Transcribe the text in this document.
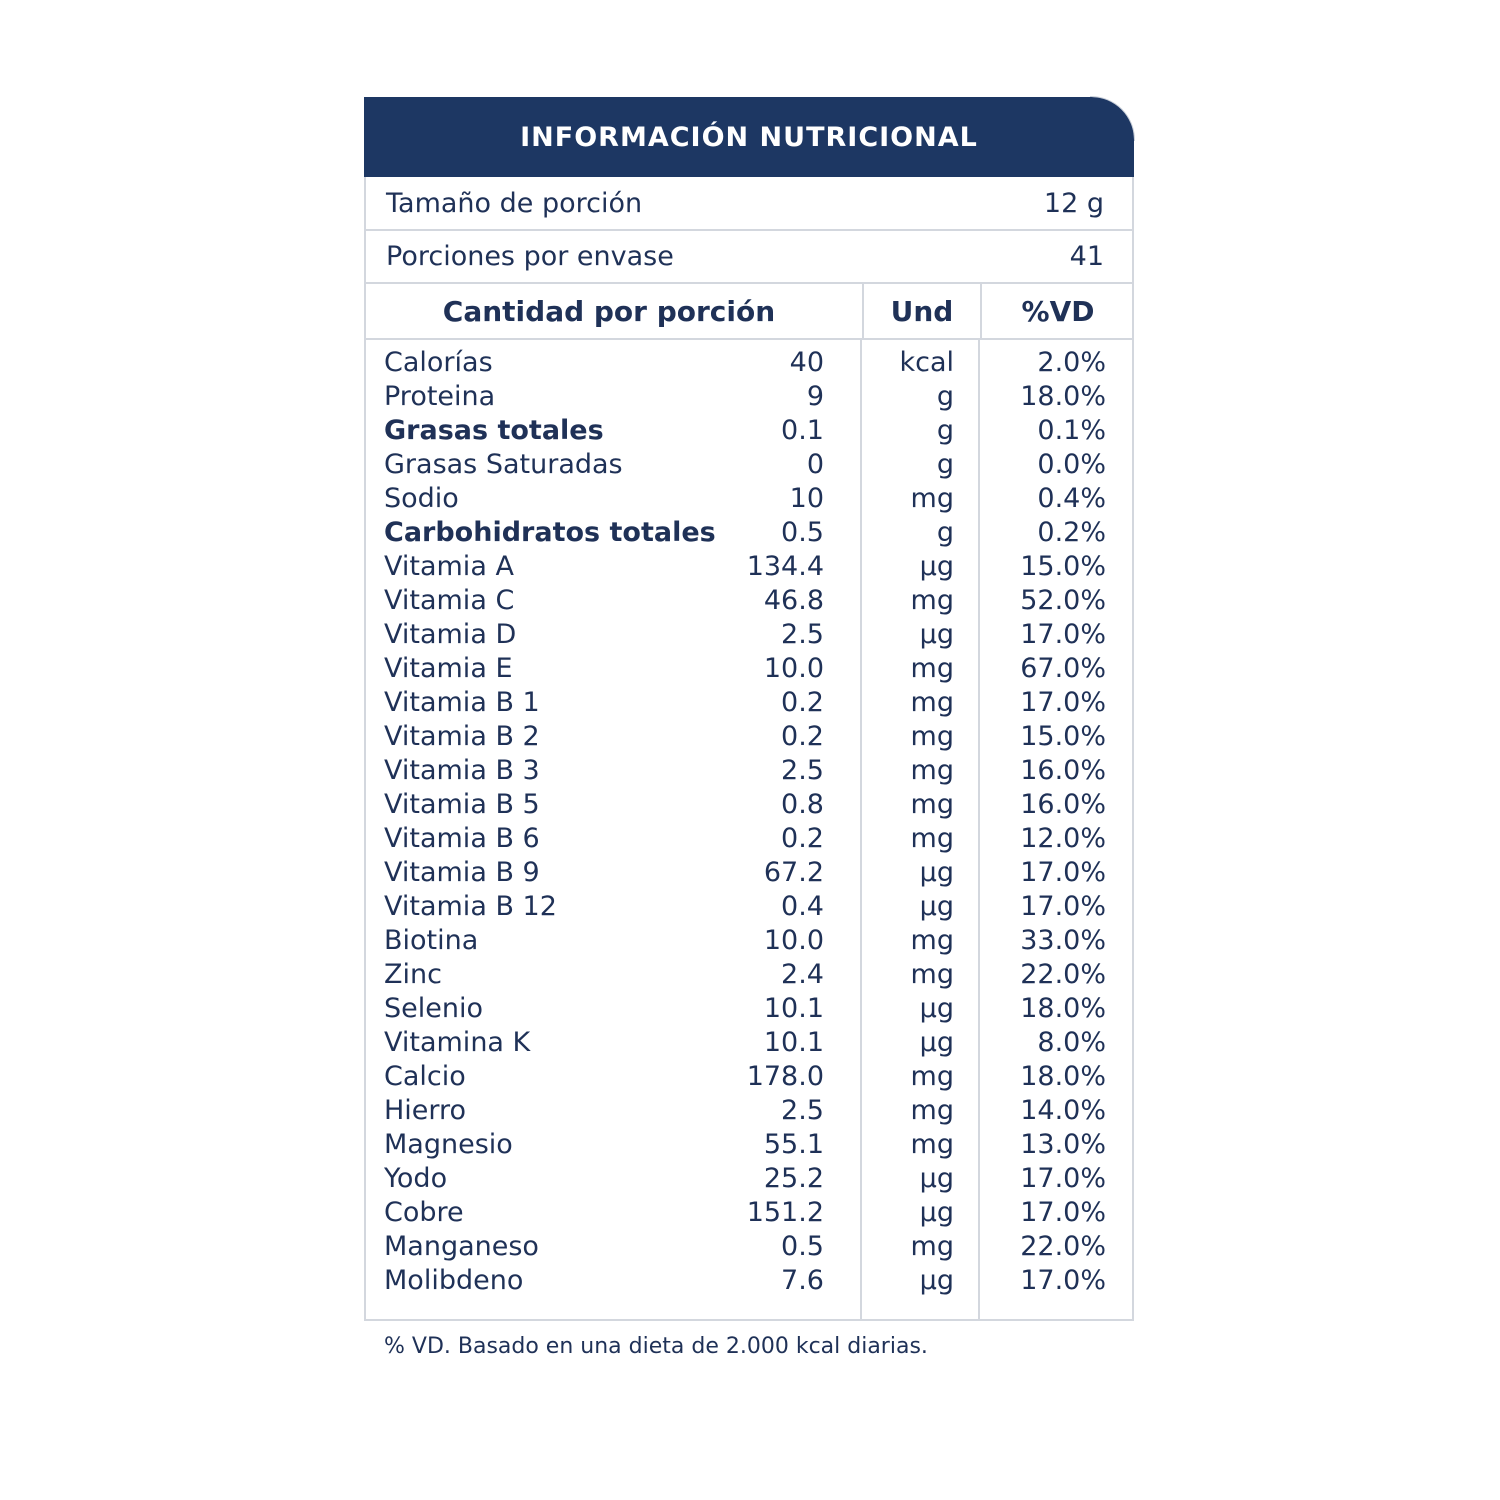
INFORMACIÓN NUTRICIONAL
Tamaño de porción	12 g
Porciones por envase	41
Cantidad por porción	Und	%VD
Calorías	40	kcal	2.0%
Proteina	9	g 18.0%
Grasas totales	0.1	g	0.1%
Grasas Saturadas	0	g	0.0%
Sodio	10	mg	0.4%
Carbohidratos totales 0.5	g	0.2%
Vitamia A	134.4	µg 15.0%
Vitamia C	46.8	mg 52.0%
Vitamia D	2.5	µg 17.0%
Vitamia E	10.0	mg 67.0%
Vitamia B 1	0.2	mg 17.0%
Vitamia B 2	0.2	mg 15.0%
Vitamia B 3	2.5	mg 16.0%
Vitamia B 5	0.8	mg 16.0%
Vitamia B 6	0.2	mg 12.0%
Vitamia B 9	67.2	µg 17.0%
Vitamia B 12	0.4	µg 17.0%
Biotina	10.0	mg 33.0%
Zinc	2.4	mg 22.0%
Selenio	10.1	µg 18.0%
Vitamina K	10.1	µg	8.0%
Calcio	178.0	mg 18.0%
Hierro	2.5	mg 14.0%
Magnesio	55.1	mg 13.0%
Yodo	25.2	µg 17.0%
Cobre	151.2	µg 17.0%
Manganeso	0.5	mg 22.0%
Molibdeno	7.6	µg 17.0%
% VD. Basado en una dieta de 2.000 kcal diarias.
